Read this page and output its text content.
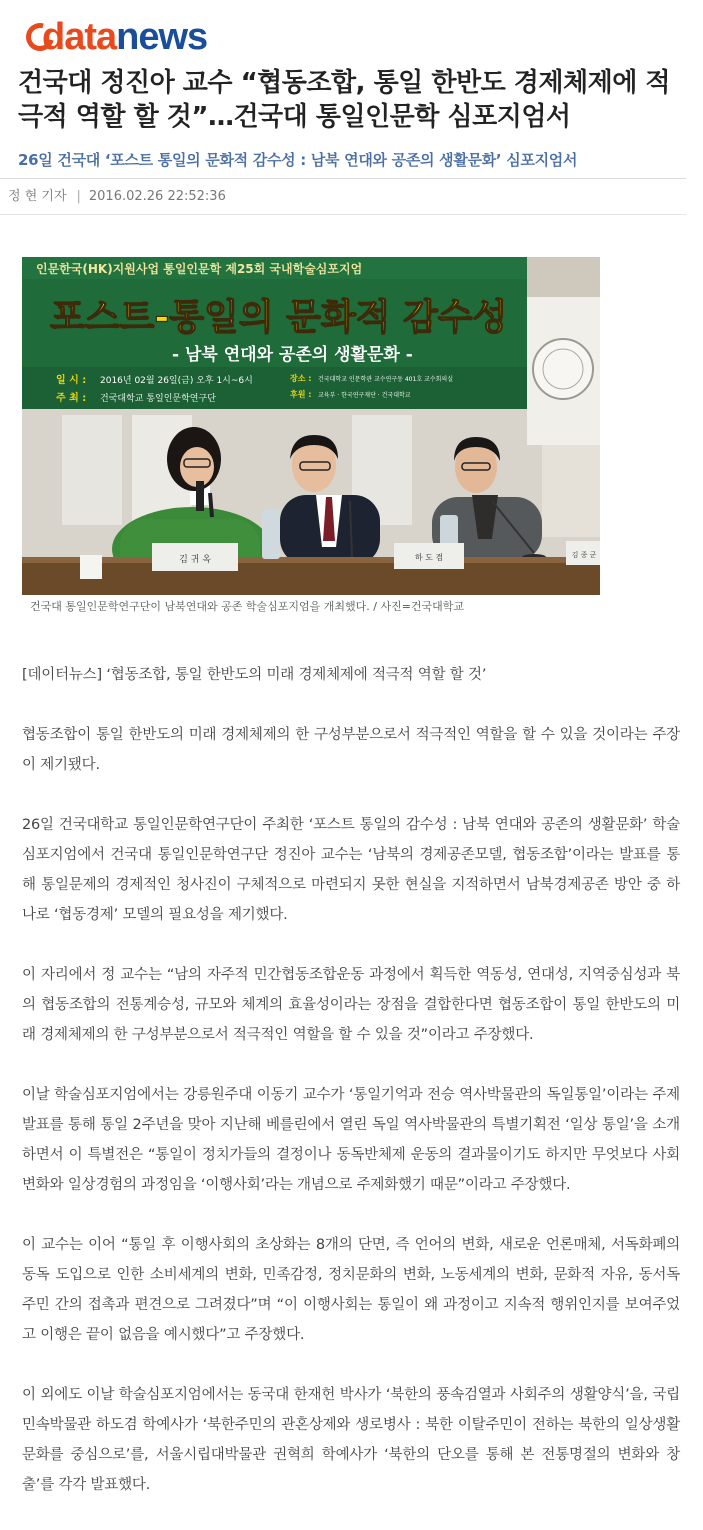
datanews
건국대 정진아 교수 “협동조합, 통일 한반도 경제체제에 적극적 역할 할 것”…건국대 통일인문학 심포지엄서
26일 건국대 ‘포스트 통일의 문화적 감수성 : 남북 연대와 공존의 생활문화’ 심포지엄서
정 현 기자 | 2016.02.26 22:52:36
인문한국(HK)지원사업 통일인문학 제25회 국내학술심포지엄
포스트-통일의 문화적 감수성
- 남북 연대와 공존의 생활문화 -
일 시 : 2016년 02월 26일(금) 오후 1시~6시
주 최 : 건국대학교 통일인문학연구단
장소 : 건국대학교 인문학관 교수연구동 401호 교수회의실
후원 : 교육부 · 한국연구재단 · 건국대학교
김 귀 옥	하 도 겸	김 종 군
건국대 통일인문학연구단이 남북연대와 공존 학술심포지엄을 개최했다. / 사진=건국대학교

[데이터뉴스] ‘협동조합, 통일 한반도의 미래 경제체제에 적극적 역할 할 것’

협동조합이 통일 한반도의 미래 경제체제의 한 구성부분으로서 적극적인 역할을 할 수 있을 것이라는 주장이 제기됐다.

26일 건국대학교 통일인문학연구단이 주최한 ‘포스트 통일의 감수성 : 남북 연대와 공존의 생활문화’ 학술심포지엄에서 건국대 통일인문학연구단 정진아 교수는 ‘남북의 경제공존모델, 협동조합’이라는 발표를 통해 통일문제의 경제적인 청사진이 구체적으로 마련되지 못한 현실을 지적하면서 남북경제공존 방안 중 하나로 ‘협동경제’ 모델의 필요성을 제기했다.

이 자리에서 정 교수는 “남의 자주적 민간협동조합운동 과정에서 획득한 역동성, 연대성, 지역중심성과 북의 협동조합의 전통계승성, 규모와 체계의 효율성이라는 장점을 결합한다면 협동조합이 통일 한반도의 미래 경제체제의 한 구성부분으로서 적극적인 역할을 할 수 있을 것”이라고 주장했다.

이날 학술심포지엄에서는 강릉원주대 이동기 교수가 ‘통일기억과 전승 역사박물관의 독일통일’이라는 주제 발표를 통해 통일 2주년을 맞아 지난해 베를린에서 열린 독일 역사박물관의 특별기획전 ‘일상 통일’을 소개하면서 이 특별전은 “통일이 정치가들의 결정이나 동독반체제 운동의 결과물이기도 하지만 무엇보다 사회변화와 일상경험의 과정임을 ‘이행사회’라는 개념으로 주제화했기 때문”이라고 주장했다.

이 교수는 이어 “통일 후 이행사회의 초상화는 8개의 단면, 즉 언어의 변화, 새로운 언론매체, 서독화폐의 동독 도입으로 인한 소비세계의 변화, 민족감정, 정치문화의 변화, 노동세계의 변화, 문화적 자유, 동서독 주민 간의 접촉과 편견으로 그려졌다”며 “이 이행사회는 통일이 왜 과정이고 지속적 행위인지를 보여주었고 이행은 끝이 없음을 예시했다”고 주장했다.

이 외에도 이날 학술심포지엄에서는 동국대 한재헌 박사가 ‘북한의 풍속검열과 사회주의 생활양식’을, 국립민속박물관 하도겸 학예사가 ‘북한주민의 관혼상제와 생로병사 : 북한 이탈주민이 전하는 북한의 일상생활문화를 중심으로’를, 서울시립대박물관 권혁희 학예사가 ‘북한의 단오를 통해 본 전통명절의 변화와 창출’를 각각 발표했다.
